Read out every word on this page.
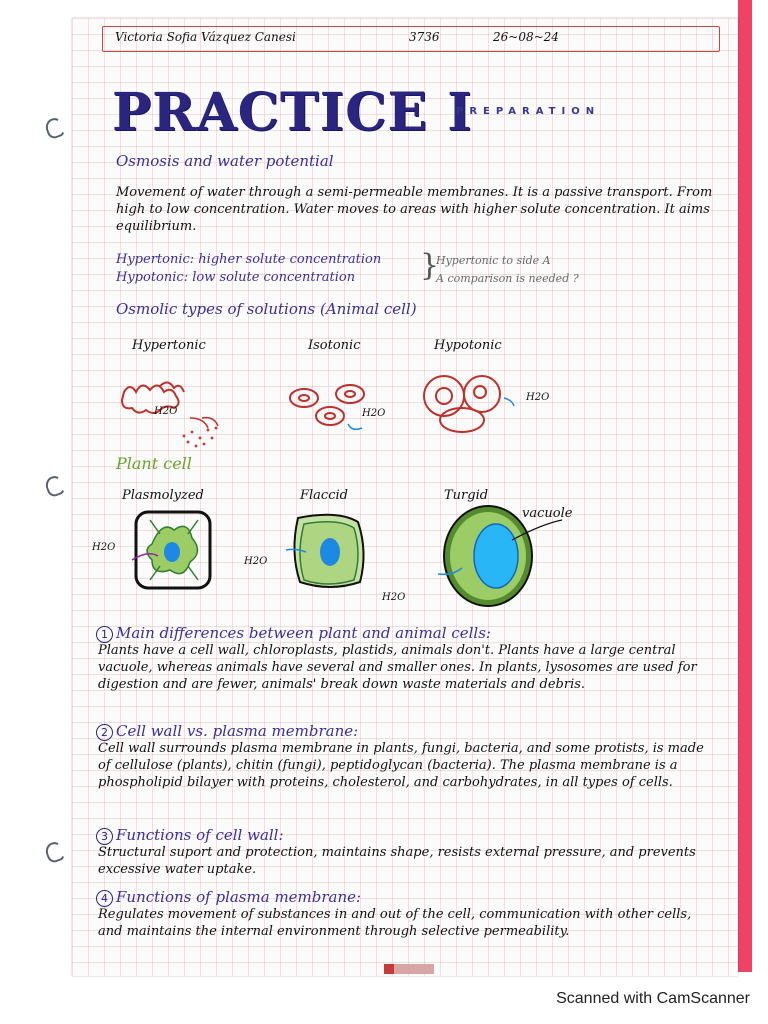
Victoria Sofia Vázquez Canesi	3736	26~08~24
PRACTICE I
PREPARATION
Osmosis and water potential
Movement of water through a semi-permeable membranes. It is a passive transport. From high to low concentration. Water moves to areas with higher solute concentration. It aims equilibrium.
Hypertonic: higher solute concentration
Hypotonic: low solute concentration }
Hypertonic to side A
A comparison is needed ?
Osmolic types of solutions (Animal cell)
Hypertonic	Isotonic	Hypotonic
H2O	H2O
H2O
Plant cell
Plasmolyzed	Flaccid	Turgid
vacuole
H2O
H2O
H2O
1 Main differences between plant and animal cells:
Plants have a cell wall, chloroplasts, plastids, animals don't. Plants have a large central vacuole, whereas animals have several and smaller ones. In plants, lysosomes are used for digestion and are fewer, animals' break down waste materials and debris.
2 Cell wall vs. plasma membrane:
Cell wall surrounds plasma membrane in plants, fungi, bacteria, and some protists, is made of cellulose (plants), chitin (fungi), peptidoglycan (bacteria). The plasma membrane is a phospholipid bilayer with proteins, cholesterol, and carbohydrates, in all types of cells.
3 Functions of cell wall:
Structural suport and protection, maintains shape, resists external pressure, and prevents excessive water uptake.
4 Functions of plasma membrane:
Regulates movement of substances in and out of the cell, communication with other cells, and maintains the internal environment through selective permeability.
Scanned with CamScanner
